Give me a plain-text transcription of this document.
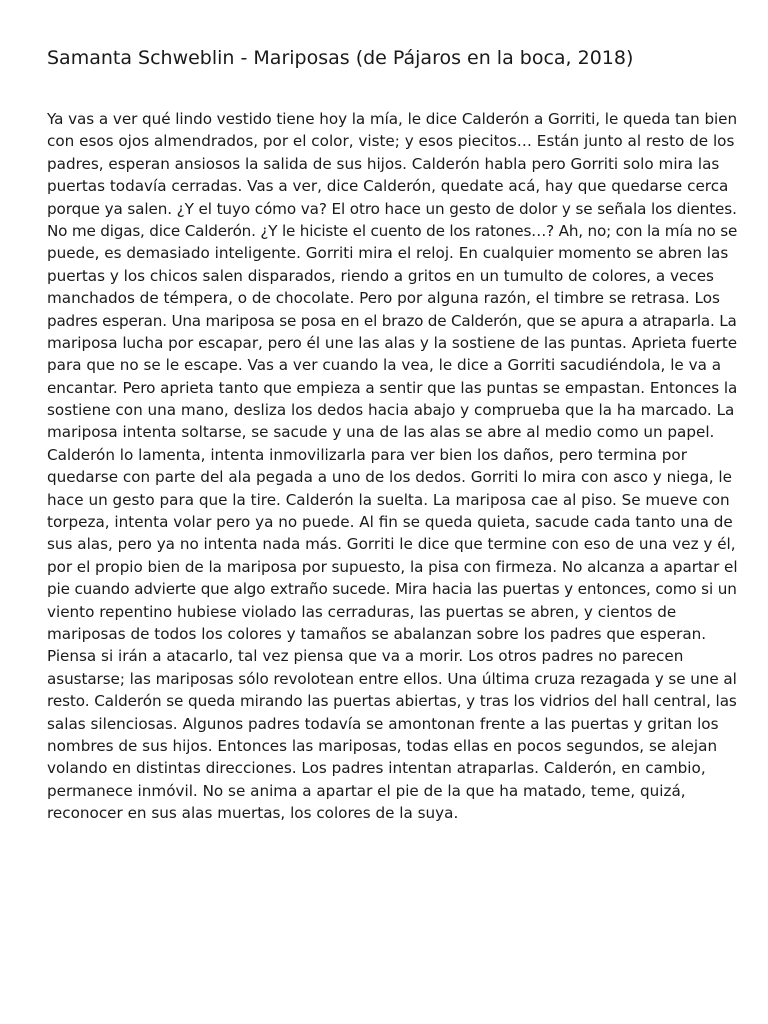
Samanta Schweblin - Mariposas (de Pájaros en la boca, 2018)
Ya vas a ver qué lindo vestido tiene hoy la mía, le dice Calderón a Gorriti, le queda tan bien
con esos ojos almendrados, por el color, viste; y esos piecitos… Están junto al resto de los
padres, esperan ansiosos la salida de sus hijos. Calderón habla pero Gorriti solo mira las
puertas todavía cerradas. Vas a ver, dice Calderón, quedate acá, hay que quedarse cerca
porque ya salen. ¿Y el tuyo cómo va? El otro hace un gesto de dolor y se señala los dientes.
No me digas, dice Calderón. ¿Y le hiciste el cuento de los ratones…? Ah, no; con la mía no se
puede, es demasiado inteligente. Gorriti mira el reloj. En cualquier momento se abren las
puertas y los chicos salen disparados, riendo a gritos en un tumulto de colores, a veces
manchados de témpera, o de chocolate. Pero por alguna razón, el timbre se retrasa. Los
padres esperan. Una mariposa se posa en el brazo de Calderón, que se apura a atraparla. La
mariposa lucha por escapar, pero él une las alas y la sostiene de las puntas. Aprieta fuerte
para que no se le escape. Vas a ver cuando la vea, le dice a Gorriti sacudiéndola, le va a
encantar. Pero aprieta tanto que empieza a sentir que las puntas se empastan. Entonces la
sostiene con una mano, desliza los dedos hacia abajo y comprueba que la ha marcado. La
mariposa intenta soltarse, se sacude y una de las alas se abre al medio como un papel.
Calderón lo lamenta, intenta inmovilizarla para ver bien los daños, pero termina por
quedarse con parte del ala pegada a uno de los dedos. Gorriti lo mira con asco y niega, le
hace un gesto para que la tire. Calderón la suelta. La mariposa cae al piso. Se mueve con
torpeza, intenta volar pero ya no puede. Al fin se queda quieta, sacude cada tanto una de
sus alas, pero ya no intenta nada más. Gorriti le dice que termine con eso de una vez y él,
por el propio bien de la mariposa por supuesto, la pisa con firmeza. No alcanza a apartar el
pie cuando advierte que algo extraño sucede. Mira hacia las puertas y entonces, como si un
viento repentino hubiese violado las cerraduras, las puertas se abren, y cientos de
mariposas de todos los colores y tamaños se abalanzan sobre los padres que esperan.
Piensa si irán a atacarlo, tal vez piensa que va a morir. Los otros padres no parecen
asustarse; las mariposas sólo revolotean entre ellos. Una última cruza rezagada y se une al
resto. Calderón se queda mirando las puertas abiertas, y tras los vidrios del hall central, las
salas silenciosas. Algunos padres todavía se amontonan frente a las puertas y gritan los
nombres de sus hijos. Entonces las mariposas, todas ellas en pocos segundos, se alejan
volando en distintas direcciones. Los padres intentan atraparlas. Calderón, en cambio,
permanece inmóvil. No se anima a apartar el pie de la que ha matado, teme, quizá,
reconocer en sus alas muertas, los colores de la suya.
